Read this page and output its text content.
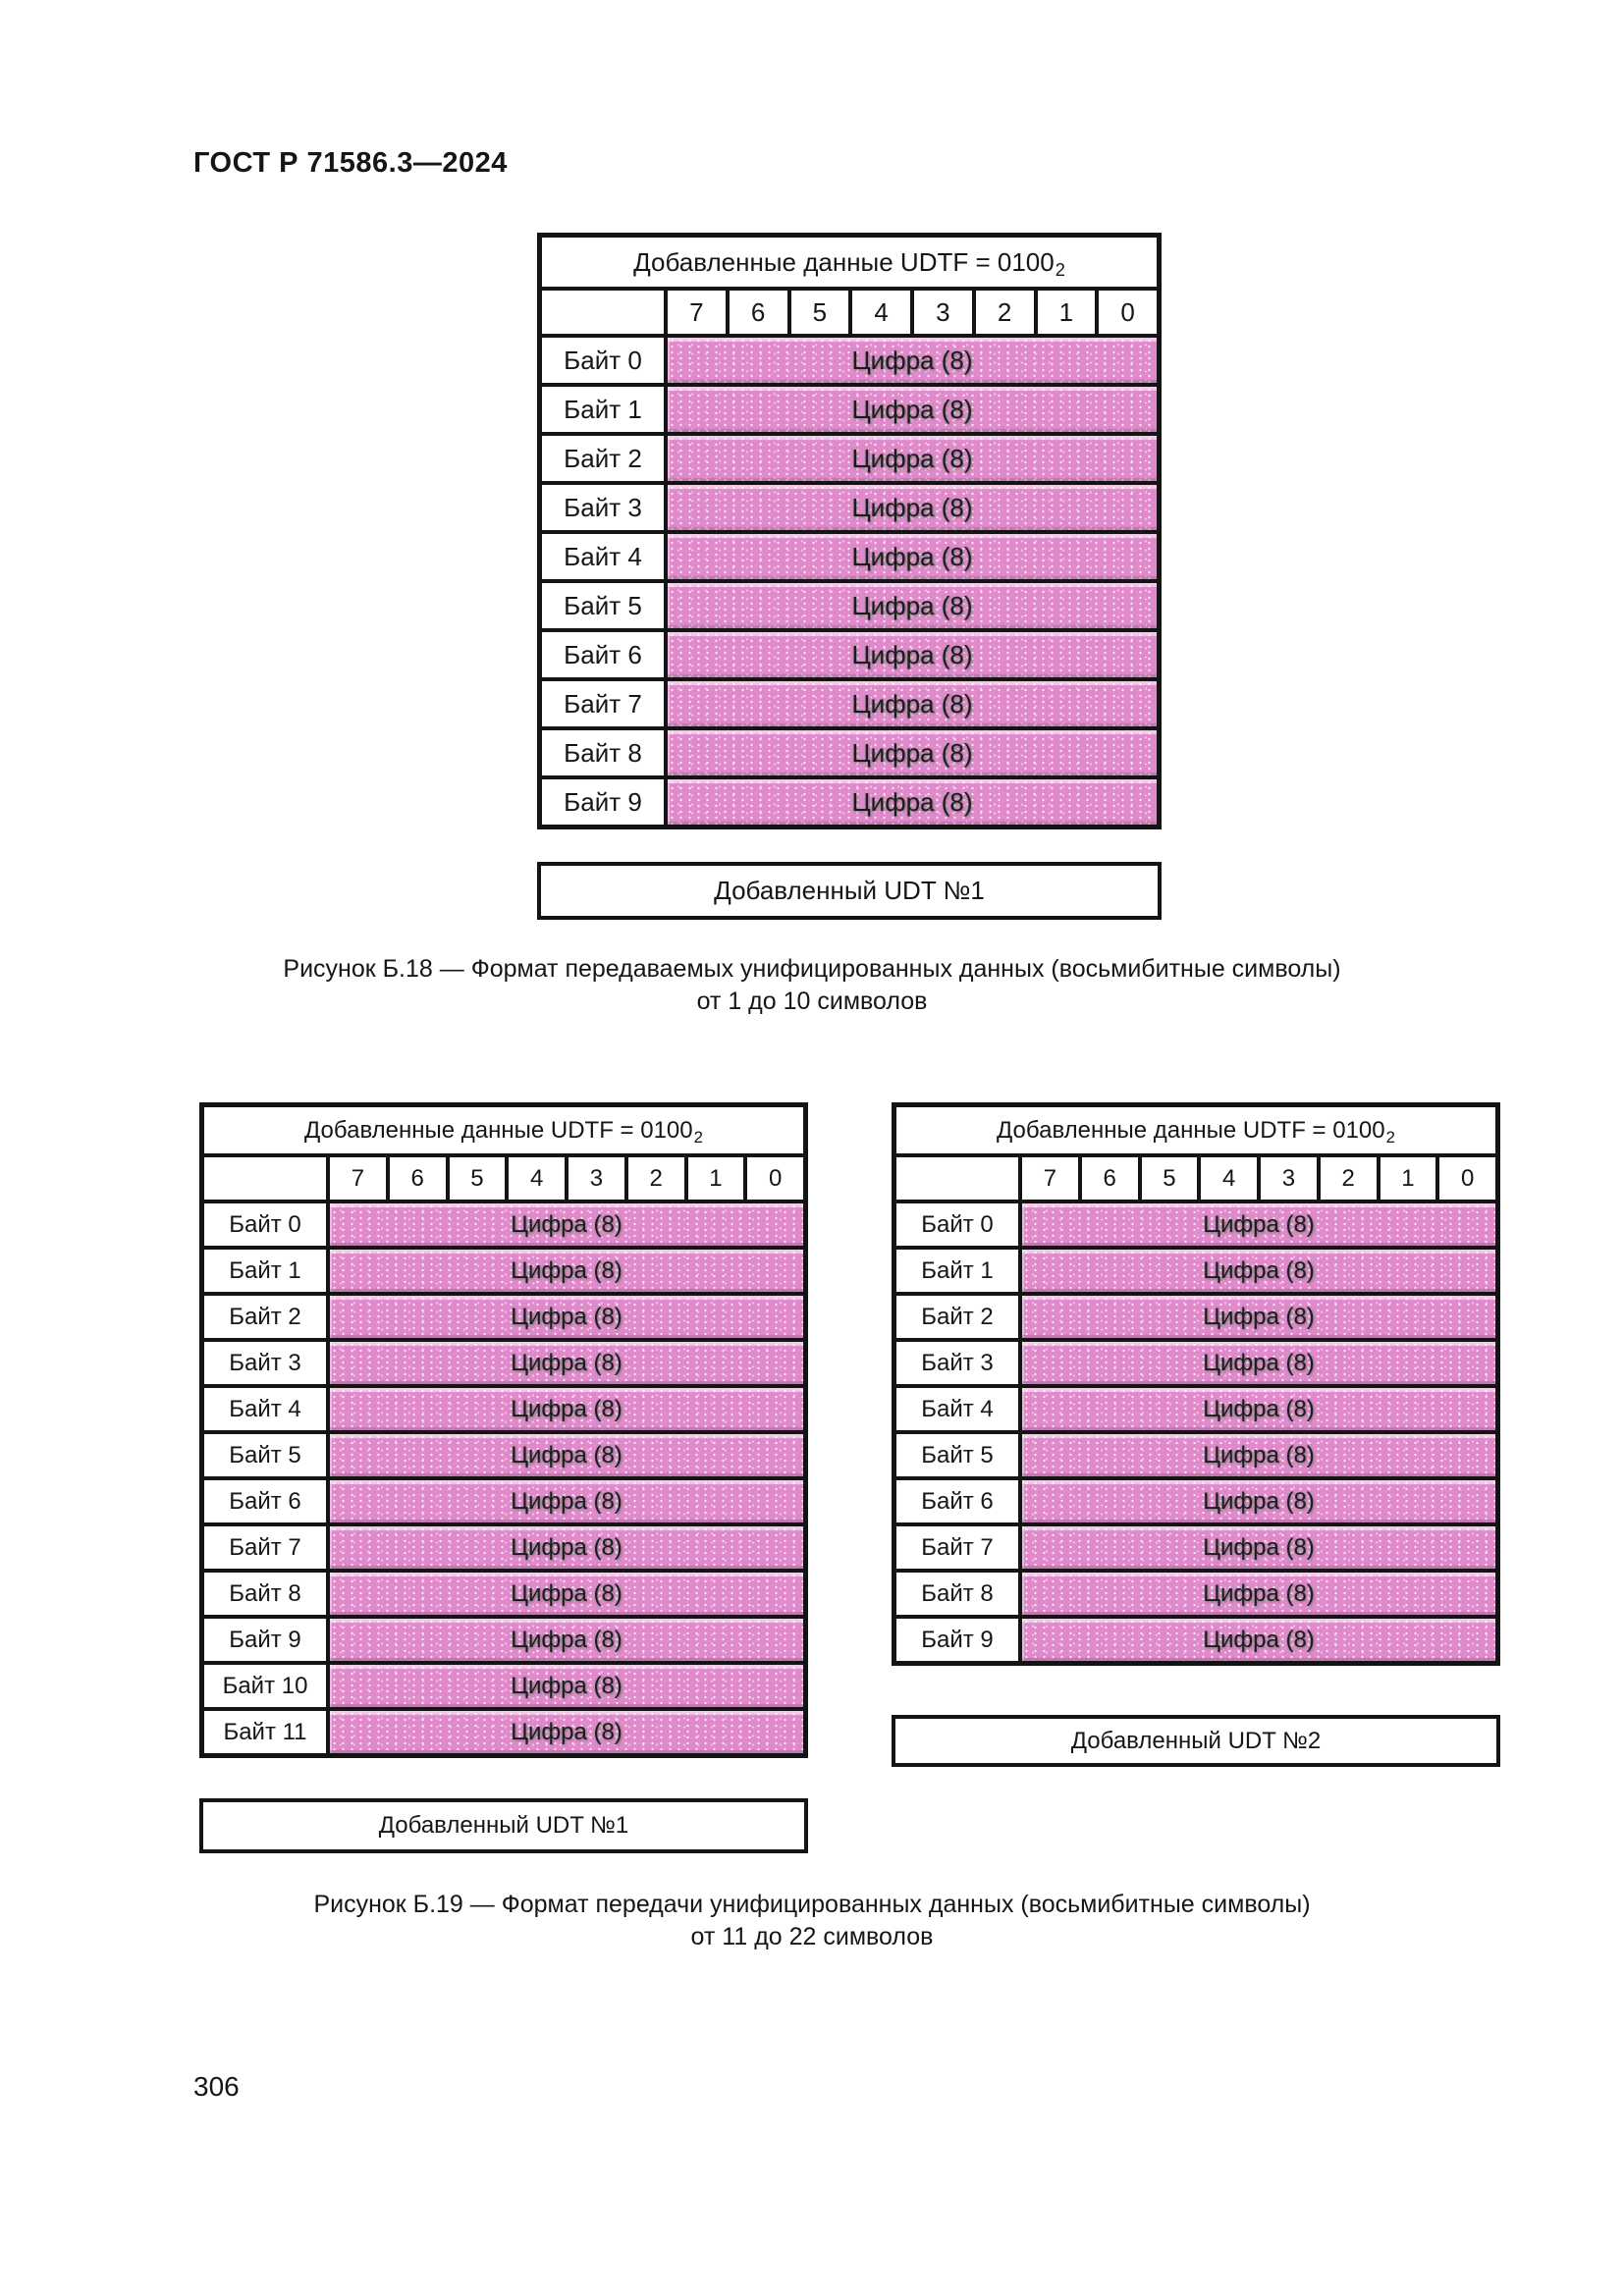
ГОСТ Р 71586.3—2024
Добавленные данные UDTF = $0100_2$
7	6	5	4	3	2	1	0
Байт 0	Цифра (8)
Байт 1	Цифра (8)
Байт 2	Цифра (8)
Байт 3	Цифра (8)
Байт 4	Цифра (8)
Байт 5	Цифра (8)
Байт 6	Цифра (8)
Байт 7	Цифра (8)
Байт 8	Цифра (8)
Байт 9	Цифра (8)
Добавленный UDT №1
Рисунок Б.18 — Формат передаваемых унифицированных данных (восьмибитные символы)
от 1 до 10 символов
Добавленные данные UDTF = $0100_2$
7	6	5	4	3	2	1	0
Байт 0	Цифра (8)
Байт 1	Цифра (8)
Байт 2	Цифра (8)
Байт 3	Цифра (8)
Байт 4	Цифра (8)
Байт 5	Цифра (8)
Байт 6	Цифра (8)
Байт 7	Цифра (8)
Байт 8	Цифра (8)
Байт 9	Цифра (8)
Байт 10	Цифра (8)
Байт 11	Цифра (8)
Добавленные данные UDTF = $0100_2$
7	6	5	4	3	2	1	0
Байт 0	Цифра (8)
Байт 1	Цифра (8)
Байт 2	Цифра (8)
Байт 3	Цифра (8)
Байт 4	Цифра (8)
Байт 5	Цифра (8)
Байт 6	Цифра (8)
Байт 7	Цифра (8)
Байт 8	Цифра (8)
Байт 9	Цифра (8)
Добавленный UDT №1
Добавленный UDT №2
Рисунок Б.19 — Формат передачи унифицированных данных (восьмибитные символы)
от 11 до 22 символов
306
